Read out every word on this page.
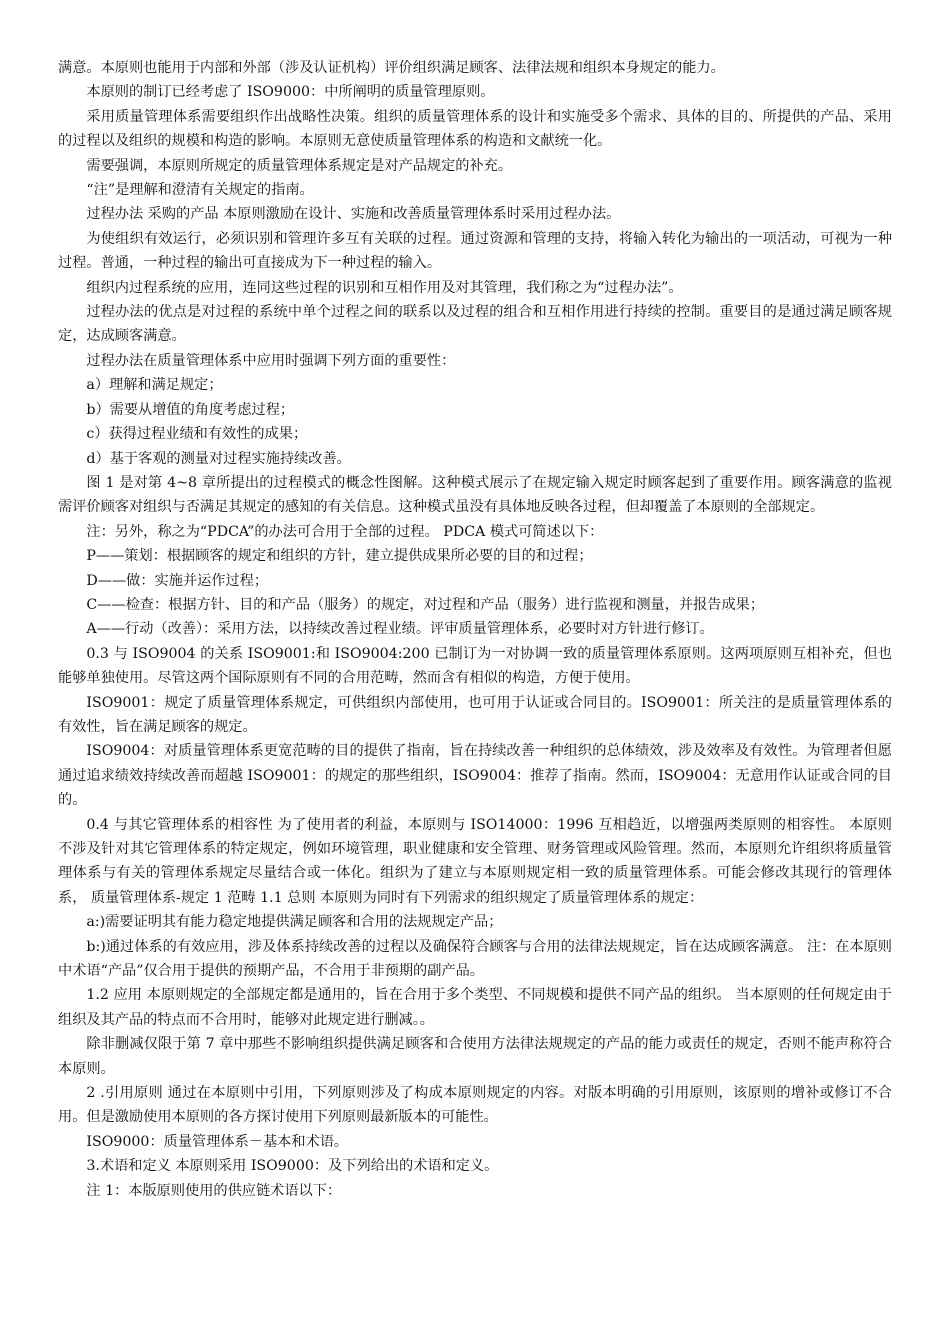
满意。本原则也能用于内部和外部（涉及认证机构）评价组织满足顾客、法律法规和组织本身规定的能力。

本原则的制订已经考虑了 ISO9000：中所阐明的质量管理原则。

采用质量管理体系需要组织作出战略性决策。组织的质量管理体系的设计和实施受多个需求、具体的目的、所提供的产品、采用的过程以及组织的规模和构造的影响。本原则无意使质量管理体系的构造和文献统一化。

需要强调，本原则所规定的质量管理体系规定是对产品规定的补充。

“注”是理解和澄清有关规定的指南。

过程办法 采购的产品 本原则激励在设计、实施和改善质量管理体系时采用过程办法。

为使组织有效运行，必须识别和管理许多互有关联的过程。通过资源和管理的支持，将输入转化为输出的一项活动，可视为一种过程。普通，一种过程的输出可直接成为下一种过程的输入。

组织内过程系统的应用，连同这些过程的识别和互相作用及对其管理，我们称之为“过程办法”。

过程办法的优点是对过程的系统中单个过程之间的联系以及过程的组合和互相作用进行持续的控制。重要目的是通过满足顾客规定，达成顾客满意。

过程办法在质量管理体系中应用时强调下列方面的重要性：

a）理解和满足规定；

b）需要从增值的角度考虑过程；

c）获得过程业绩和有效性的成果；

d）基于客观的测量对过程实施持续改善。

图 1 是对第 4~8 章所提出的过程模式的概念性图解。这种模式展示了在规定输入规定时顾客起到了重要作用。顾客满意的监视需评价顾客对组织与否满足其规定的感知的有关信息。这种模式虽没有具体地反映各过程，但却覆盖了本原则的全部规定。

注：另外，称之为“PDCA”的办法可合用于全部的过程。 PDCA 模式可简述以下：

P——策划：根据顾客的规定和组织的方针，建立提供成果所必要的目的和过程；

D——做：实施并运作过程；

C——检查：根据方针、目的和产品（服务）的规定，对过程和产品（服务）进行监视和测量，并报告成果；

A——行动（改善）：采用方法，以持续改善过程业绩。评审质量管理体系，必要时对方针进行修订。

0.3 与 ISO9004 的关系 ISO9001:和 ISO9004:200 已制订为一对协调一致的质量管理体系原则。这两项原则互相补充，但也能够单独使用。尽管这两个国际原则有不同的合用范畴，然而含有相似的构造，方便于使用。

ISO9001：规定了质量管理体系规定，可供组织内部使用，也可用于认证或合同目的。ISO9001：所关注的是质量管理体系的有效性，旨在满足顾客的规定。

ISO9004：对质量管理体系更宽范畴的目的提供了指南，旨在持续改善一种组织的总体绩效，涉及效率及有效性。为管理者但愿通过追求绩效持续改善而超越 ISO9001：的规定的那些组织，ISO9004：推荐了指南。然而，ISO9004：无意用作认证或合同的目的。

0.4 与其它管理体系的相容性 为了使用者的利益，本原则与 ISO14000：1996 互相趋近，以增强两类原则的相容性。 本原则不涉及针对其它管理体系的特定规定，例如环境管理，职业健康和安全管理、财务管理或风险管理。然而，本原则允许组织将质量管理体系与有关的管理体系规定尽量结合或一体化。组织为了建立与本原则规定相一致的质量管理体系。可能会修改其现行的管理体系， 质量管理体系-规定 1 范畴 1.1 总则 本原则为同时有下列需求的组织规定了质量管理体系的规定：

a:)需要证明其有能力稳定地提供满足顾客和合用的法规规定产品；

b:)通过体系的有效应用，涉及体系持续改善的过程以及确保符合顾客与合用的法律法规规定，旨在达成顾客满意。 注：在本原则中术语“产品”仅合用于提供的预期产品，不合用于非预期的副产品。

1.2 应用 本原则规定的全部规定都是通用的，旨在合用于多个类型、不同规模和提供不同产品的组织。 当本原则的任何规定由于组织及其产品的特点而不合用时，能够对此规定进行删减。。

除非删减仅限于第 7 章中那些不影响组织提供满足顾客和合使用方法律法规规定的产品的能力或责任的规定，否则不能声称符合本原则。

2 .引用原则 通过在本原则中引用，下列原则涉及了构成本原则规定的内容。对版本明确的引用原则，该原则的增补或修订不合用。但是激励使用本原则的各方探讨使用下列原则最新版本的可能性。

ISO9000：质量管理体系－基本和术语。

3.术语和定义 本原则采用 ISO9000：及下列给出的术语和定义。

注 1：本版原则使用的供应链术语以下：
